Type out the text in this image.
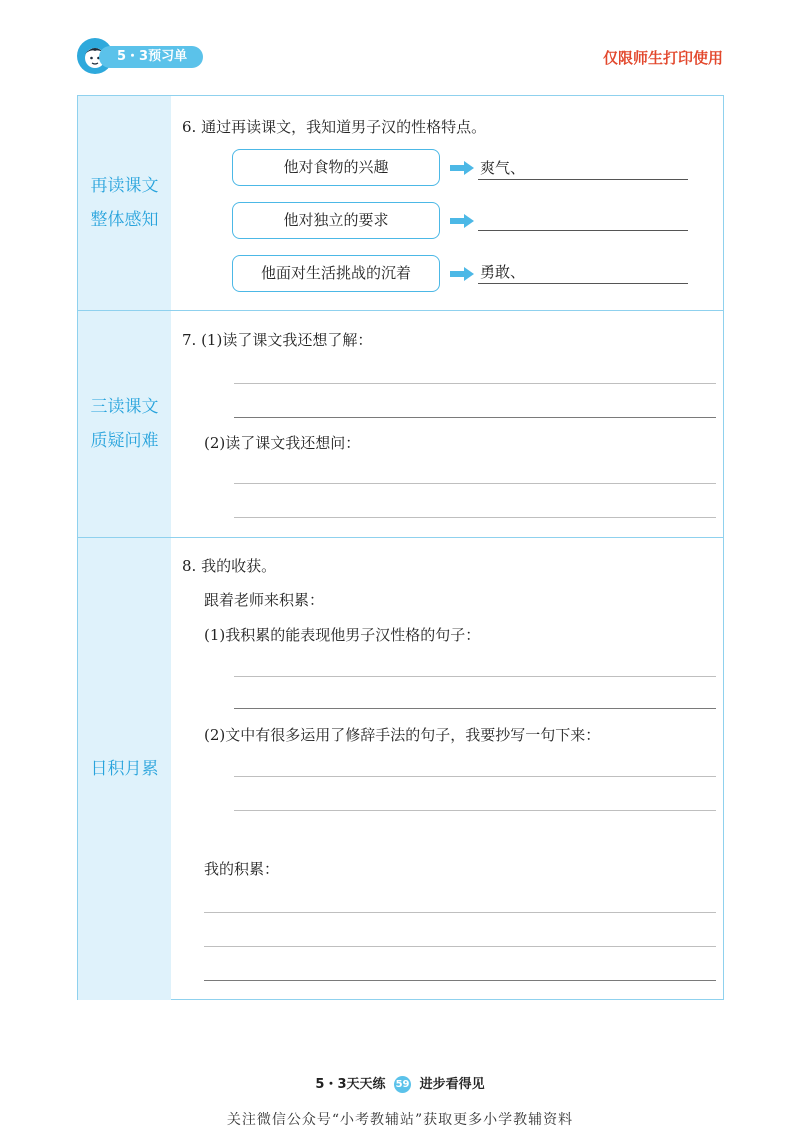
5・3预习单	仅限师生打印使用
再读课文
整体感知
6. 通过再读课文，我知道男子汉的性格特点。
他对食物的兴趣	爽气、
他对独立的要求
他面对生活挑战的沉着	勇敢、
三读课文
质疑问难
7. (1)读了课文我还想了解：
(2)读了课文我还想问：
日积月累
8. 我的收获。
跟着老师来积累：
(1)我积累的能表现他男子汉性格的句子：
(2)文中有很多运用了修辞手法的句子，我要抄写一句下来：
我的积累：
5・3天天练 59 进步看得见
关注微信公众号“小考教辅站”获取更多小学教辅资料
